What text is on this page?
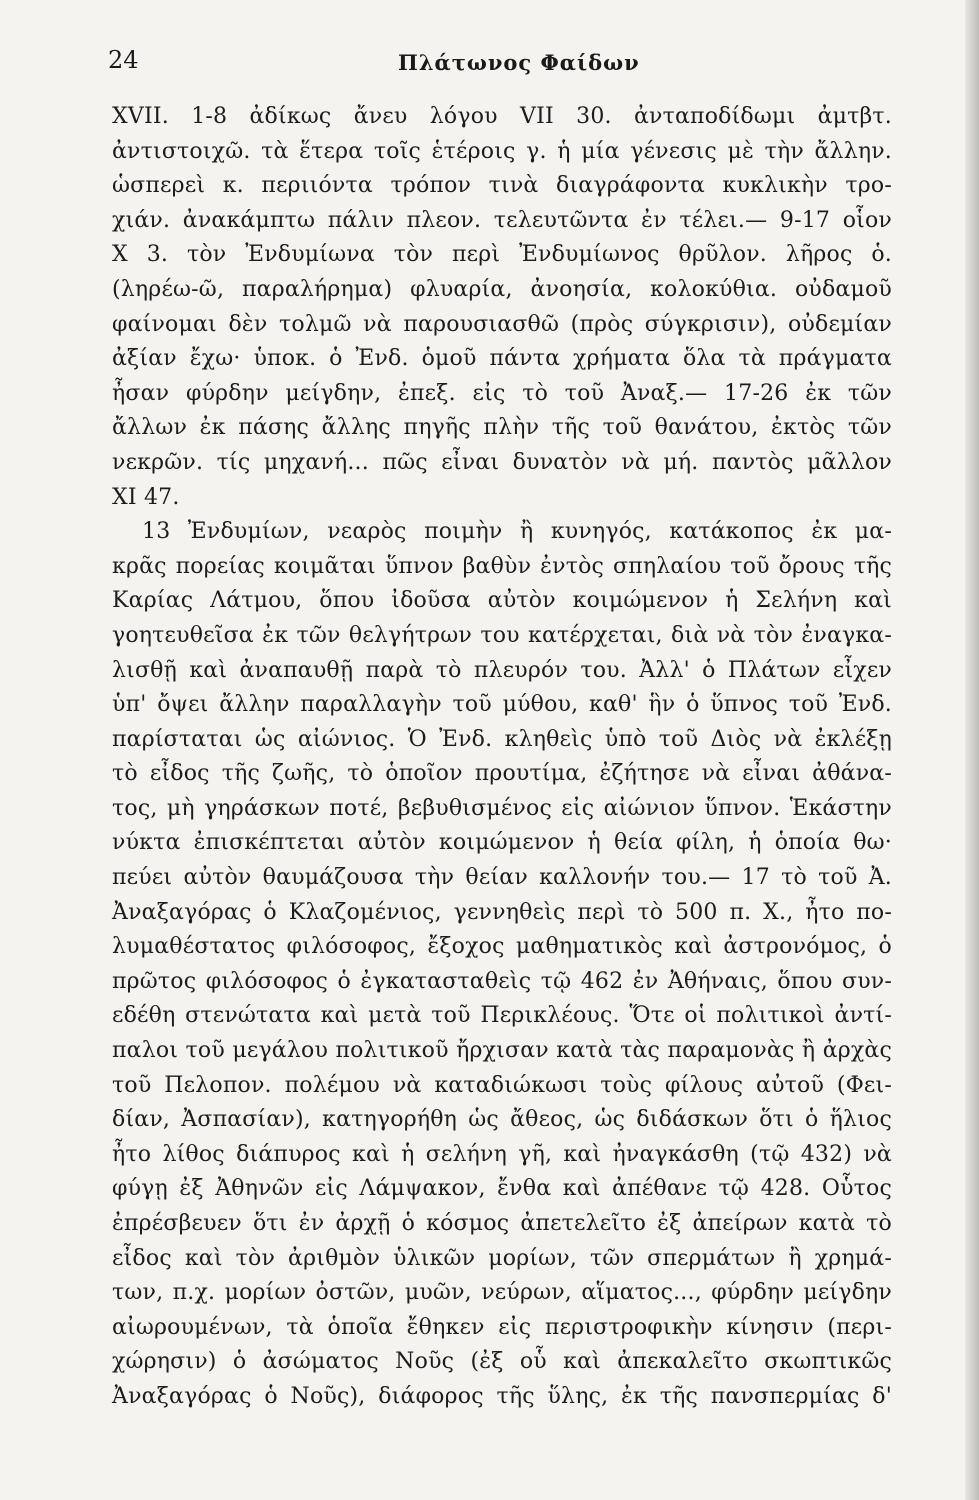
24	Πλάτωνος Φαίδων
XVII. 1-8 ἀδίκως ἄνευ λόγου VII 30. ἀνταποδίδωμι ἀμτβτ.
ἀντιστοιχῶ. τὰ ἕτερα τοῖς ἑτέροις γ. ἡ μία γένεσις μὲ τὴν ἄλλην.
ὡσπερεὶ κ. περιιόντα τρόπον τινὰ διαγράφοντα κυκλικὴν τρο-
χιάν. ἀνακάμπτω πάλιν πλεον. τελευτῶντα ἐν τέλει.— 9-17 οἷον
Χ 3. τὸν Ἐνδυμίωνα τὸν περὶ Ἐνδυμίωνος θρῦλον. λῆρος ὁ.
(ληρέω-ῶ, παραλήρημα) φλυαρία, ἀνοησία, κολοκύθια. οὐδαμοῦ
φαίνομαι δὲν τολμῶ νὰ παρουσιασθῶ (πρὸς σύγκρισιν), οὐδεμίαν
ἀξίαν ἔχω· ὑποκ. ὁ Ἐνδ. ὁμοῦ πάντα χρήματα ὅλα τὰ πράγματα
ἦσαν φύρδην μείγδην, ἐπεξ. εἰς τὸ τοῦ Ἀναξ.— 17-26 ἐκ τῶν
ἄλλων ἐκ πάσης ἄλλης πηγῆς πλὴν τῆς τοῦ θανάτου, ἐκτὸς τῶν
νεκρῶν. τίς μηχανή... πῶς εἶναι δυνατὸν νὰ μή. παντὸς μᾶλλον
XI 47.
13 Ἐνδυμίων, νεαρὸς ποιμὴν ἢ κυνηγός, κατάκοπος ἐκ μα-
κρᾶς πορείας κοιμᾶται ὕπνον βαθὺν ἐντὸς σπηλαίου τοῦ ὄρους τῆς
Καρίας Λάτμου, ὅπου ἰδοῦσα αὐτὸν κοιμώμενον ἡ Σελήνη καὶ
γοητευθεῖσα ἐκ τῶν θελγήτρων του κατέρχεται, διὰ νὰ τὸν ἐναγκα-
λισθῇ καὶ ἀναπαυθῇ παρὰ τὸ πλευρόν του. Ἀλλ' ὁ Πλάτων εἶχεν
ὑπ' ὄψει ἄλλην παραλλαγὴν τοῦ μύθου, καθ' ἣν ὁ ὕπνος τοῦ Ἐνδ.
παρίσταται ὡς αἰώνιος. Ὁ Ἐνδ. κληθεὶς ὑπὸ τοῦ Διὸς νὰ ἐκλέξῃ
τὸ εἶδος τῆς ζωῆς, τὸ ὁποῖον προυτίμα, ἐζήτησε νὰ εἶναι ἀθάνα-
τος, μὴ γηράσκων ποτέ, βεβυθισμένος εἰς αἰώνιον ὕπνον. Ἑκάστην
νύκτα ἐπισκέπτεται αὐτὸν κοιμώμενον ἡ θεία φίλη, ἡ ὁποία θω·
πεύει αὐτὸν θαυμάζουσα τὴν θείαν καλλονήν του.— 17 τὸ τοῦ Ἀ.
Ἀναξαγόρας ὁ Κλαζομένιος, γεννηθεὶς περὶ τὸ 500 π. Χ., ἦτο πο-
λυμαθέστατος φιλόσοφος, ἔξοχος μαθηματικὸς καὶ ἀστρονόμος, ὁ
πρῶτος φιλόσοφος ὁ ἐγκατασταθεὶς τῷ 462 ἐν Ἀθήναις, ὅπου συν-
εδέθη στενώτατα καὶ μετὰ τοῦ Περικλέους. Ὅτε οἱ πολιτικοὶ ἀντί-
παλοι τοῦ μεγάλου πολιτικοῦ ἤρχισαν κατὰ τὰς παραμονὰς ἢ ἀρχὰς
τοῦ Πελοπον. πολέμου νὰ καταδιώκωσι τοὺς φίλους αὐτοῦ (Φει-
δίαν, Ἀσπασίαν), κατηγορήθη ὡς ἄθεος, ὡς διδάσκων ὅτι ὁ ἥλιος
ἦτο λίθος διάπυρος καὶ ἡ σελήνη γῆ, καὶ ἠναγκάσθη (τῷ 432) νὰ
φύγῃ ἐξ Ἀθηνῶν εἰς Λάμψακον, ἔνθα καὶ ἀπέθανε τῷ 428. Οὗτος
ἐπρέσβευεν ὅτι ἐν ἀρχῇ ὁ κόσμος ἀπετελεῖτο ἐξ ἀπείρων κατὰ τὸ
εἶδος καὶ τὸν ἀριθμὸν ὑλικῶν μορίων, τῶν σπερμάτων ἢ χρημά-
των, π.χ. μορίων ὀστῶν, μυῶν, νεύρων, αἵματος..., φύρδην μείγδην
αἰωρουμένων, τὰ ὁποῖα ἔθηκεν εἰς περιστροφικὴν κίνησιν (περι-
χώρησιν) ὁ ἀσώματος Νοῦς (ἐξ οὗ καὶ ἀπεκαλεῖτο σκωπτικῶς
Ἀναξαγόρας ὁ Νοῦς), διάφορος τῆς ὕλης, ἐκ τῆς πανσπερμίας δ'
